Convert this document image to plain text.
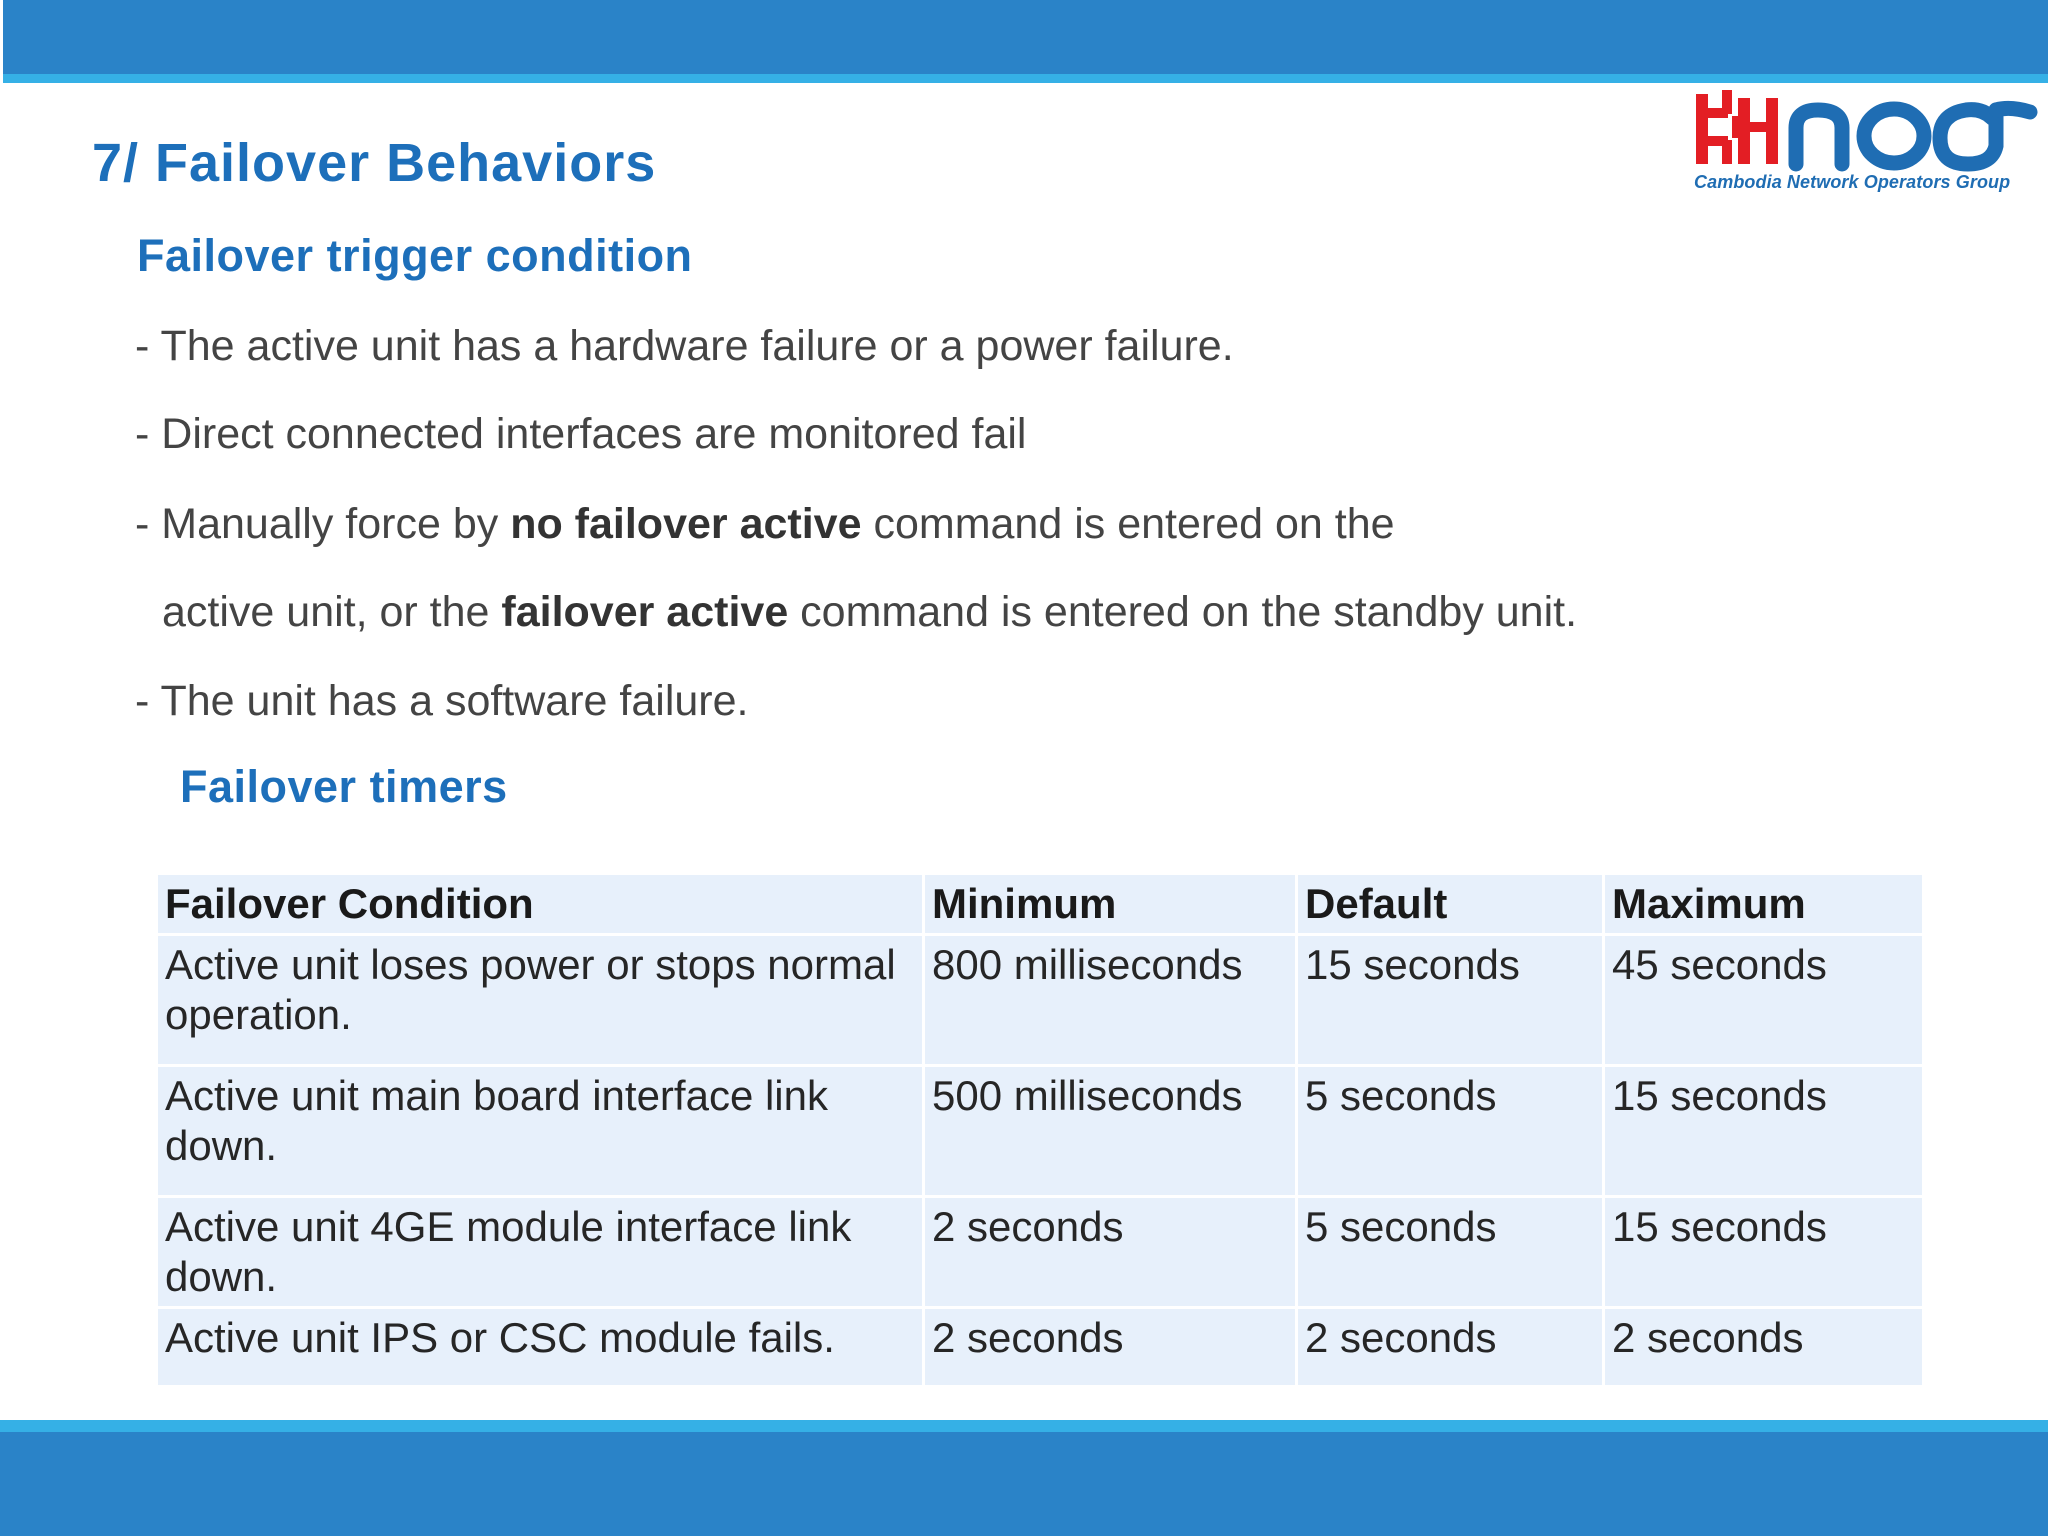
Cambodia Network Operators Group
7/ Failover Behaviors
Failover trigger condition

- The active unit has a hardware failure or a power failure.

- Direct connected interfaces are monitored fail

- Manually force by no failover active command is entered on the

active unit, or the failover active command is entered on the standby unit.

- The unit has a software failure.

Failover timers
Failover Condition	Minimum	Default	Maximum
Active unit loses power or stops normal operation.	800 milliseconds	15 seconds	45 seconds
Active unit main board interface link down.	500 milliseconds	5 seconds	15 seconds
Active unit 4GE module interface link down.	2 seconds	5 seconds	15 seconds
Active unit IPS or CSC module fails.	2 seconds	2 seconds	2 seconds
